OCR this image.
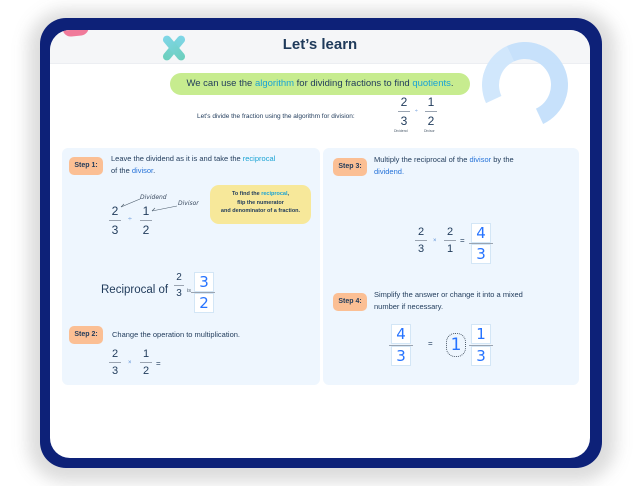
Let’s learn
We can use the algorithm for dividing fractions to find quotients.
Let's divide the fraction using the algorithm for division:
2
3
Dividend
÷
1
2
Divisor
Step 1:
Leave the dividend as it is and take the reciprocal
of the divisor.
Dividend
Divisor
2
3
÷
1
2
To find the reciprocal,
flip the numerator
and denominator of a fraction.
Reciprocal of
2
3 is 3
2
Step 2:	Change the operation to multiplication.
2
3
×
1
2
=
Step 3:
Multiply the reciprocal of the divisor by the
dividend.
2
3
×
2
1
= 4
3
Step 4:
Simplify the answer or change it into a mixed
number if necessary.
4
3
= 1
1
3
